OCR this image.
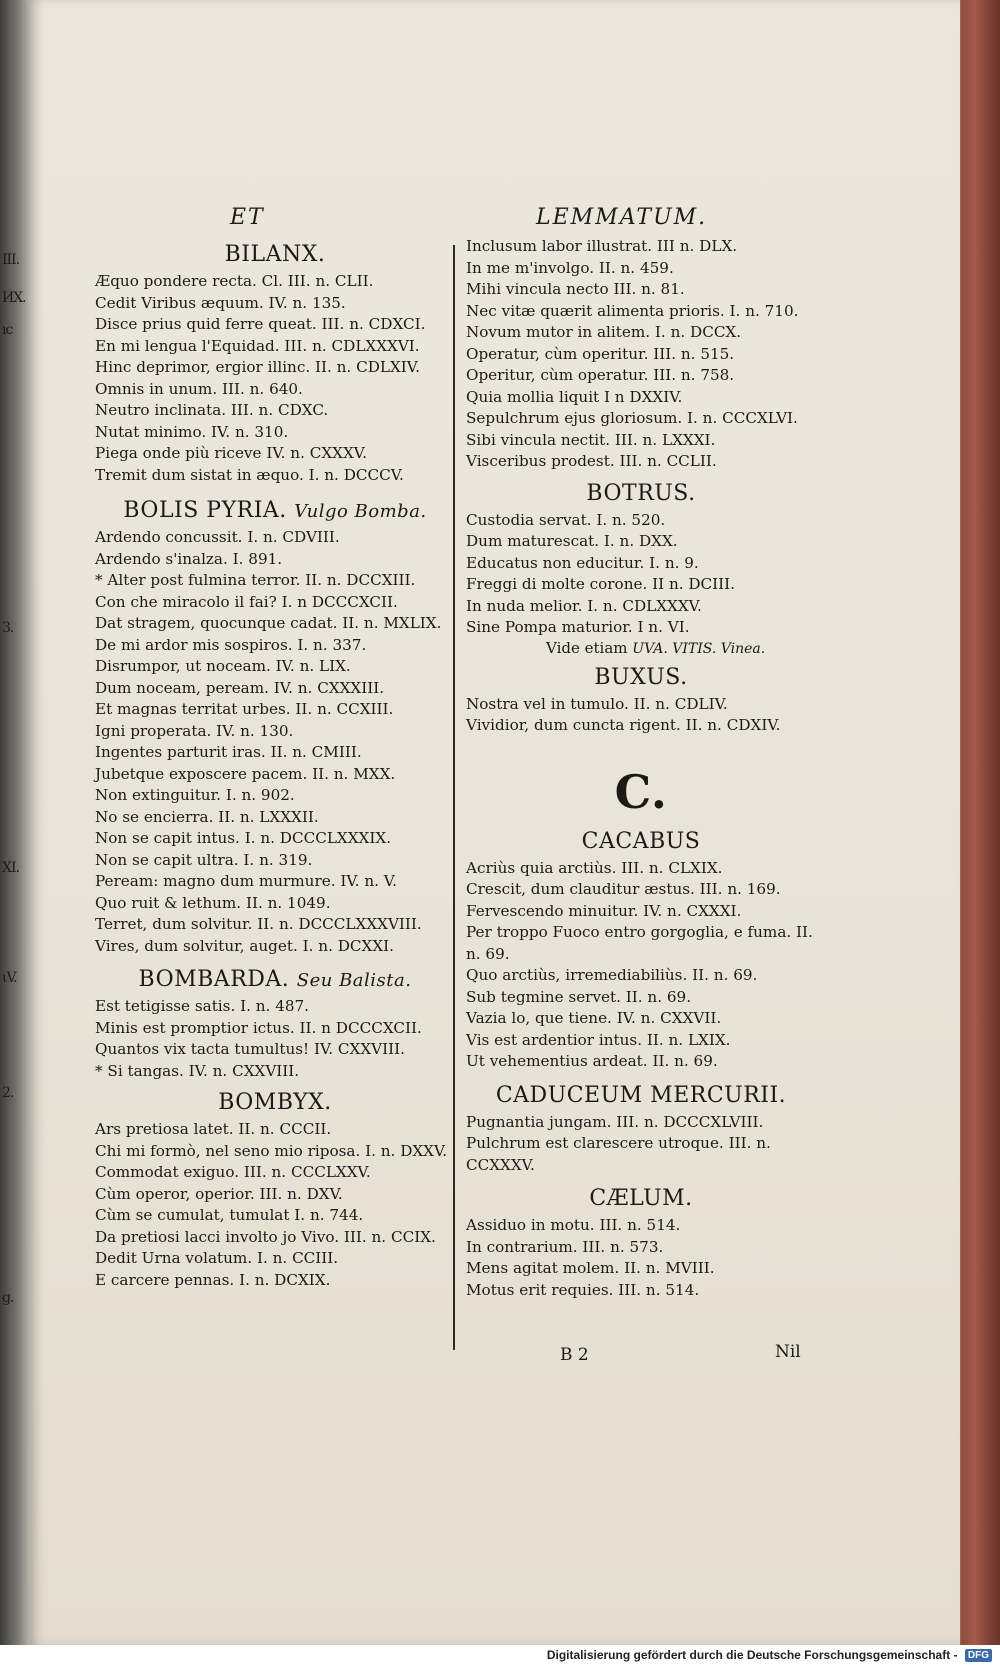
III.
ИX.
ıc
3.
XI.
ιV.
2.
g.
ET	LEMMATUM.
BILANX.
Æquo pondere recta. Cl. III. n. CLII.
Cedit Viribus æquum. IV. n. 135.
Disce prius quid ferre queat. III. n. CDXCI.
En mi lengua l'Equidad. III. n. CDLXXXVI.
Hinc deprimor, ergior illinc. II. n. CDLXIV.
Omnis in unum. III. n. 640.
Neutro inclinata. III. n. CDXC.
Nutat minimo. IV. n. 310.
Piega onde più riceve IV. n. CXXXV.
Tremit dum sistat in æquo. I. n. DCCCV.
BOLIS PYRIA. Vulgo Bomba.
Ardendo concussit. I. n. CDVIII.
Ardendo s'inalza. I. 891.
* Alter post fulmina terror. II. n. DCCXIII.
Con che miracolo il fai? I. n DCCCXCII.
Dat stragem, quocunque cadat. II. n. MXLIX.
De mi ardor mis sospiros. I. n. 337.
Disrumpor, ut noceam. IV. n. LIX.
Dum noceam, peream. IV. n. CXXXIII.
Et magnas territat urbes. II. n. CCXIII.
Igni properata. IV. n. 130.
Ingentes parturit iras. II. n. CMIII.
Jubetque exposcere pacem. II. n. MXX.
Non extinguitur. I. n. 902.
No se encierra. II. n. LXXXII.
Non se capit intus. I. n. DCCCLXXXIX.
Non se capit ultra. I. n. 319.
Peream: magno dum murmure. IV. n. V.
Quo ruit & lethum. II. n. 1049.
Terret, dum solvitur. II. n. DCCCLXXXVIII.
Vires, dum solvitur, auget. I. n. DCXXI.
BOMBARDA. Seu Balista.
Est tetigisse satis. I. n. 487.
Minis est promptior ictus. II. n DCCCXCII.
Quantos vix tacta tumultus! IV. CXXVIII.
* Si tangas. IV. n. CXXVIII.
BOMBYX.
Ars pretiosa latet. II. n. CCCII.
Chi mi formò, nel seno mio riposa. I. n. DXXV.
Commodat exiguo. III. n. CCCLXXV.
Cùm operor, operior. III. n. DXV.
Cùm se cumulat, tumulat I. n. 744.
Da pretiosi lacci involto jo Vivo. III. n. CCIX.
Dedit Urna volatum. I. n. CCIII.
E carcere pennas. I. n. DCXIX.
Inclusum labor illustrat. III n. DLX.
In me m'involgo. II. n. 459.
Mihi vincula necto III. n. 81.
Nec vitæ quærit alimenta prioris. I. n. 710.
Novum mutor in alitem. I. n. DCCX.
Operatur, cùm operitur. III. n. 515.
Operitur, cùm operatur. III. n. 758.
Quia mollia liquit I n DXXIV.
Sepulchrum ejus gloriosum. I. n. CCCXLVI.
Sibi vincula nectit. III. n. LXXXI.
Visceribus prodest. III. n. CCLII.
BOTRUS.
Custodia servat. I. n. 520.
Dum maturescat. I. n. DXX.
Educatus non educitur. I. n. 9.
Freggi di molte corone. II n. DCIII.
In nuda melior. I. n. CDLXXXV.
Sine Pompa maturior. I n. VI.
Vide etiam UVA. VITIS. Vinea.
BUXUS.
Nostra vel in tumulo. II. n. CDLIV.
Vividior, dum cuncta rigent. II. n. CDXIV.
C.
CACABUS
Acriùs quia arctiùs. III. n. CLXIX.
Crescit, dum clauditur æstus. III. n. 169.
Fervescendo minuitur. IV. n. CXXXI.
Per troppo Fuoco entro gorgoglia, e fuma. II. n. 69.
Quo arctiùs, irremediabiliùs. II. n. 69.
Sub tegmine servet. II. n. 69.
Vazia lo, que tiene. IV. n. CXXVII.
Vis est ardentior intus. II. n. LXIX.
Ut vehementius ardeat. II. n. 69.
CADUCEUM MERCURII.
Pugnantia jungam. III. n. DCCCXLVIII.
Pulchrum est clarescere utroque. III. n. CCXXXV.
CÆLUM.
Assiduo in motu. III. n. 514.
In contrarium. III. n. 573.
Mens agitat molem. II. n. MVIII.
Motus erit requies. III. n. 514.
B 2	Nil
Digitalisierung gefördert durch die Deutsche Forschungsgemeinschaft - DFG
